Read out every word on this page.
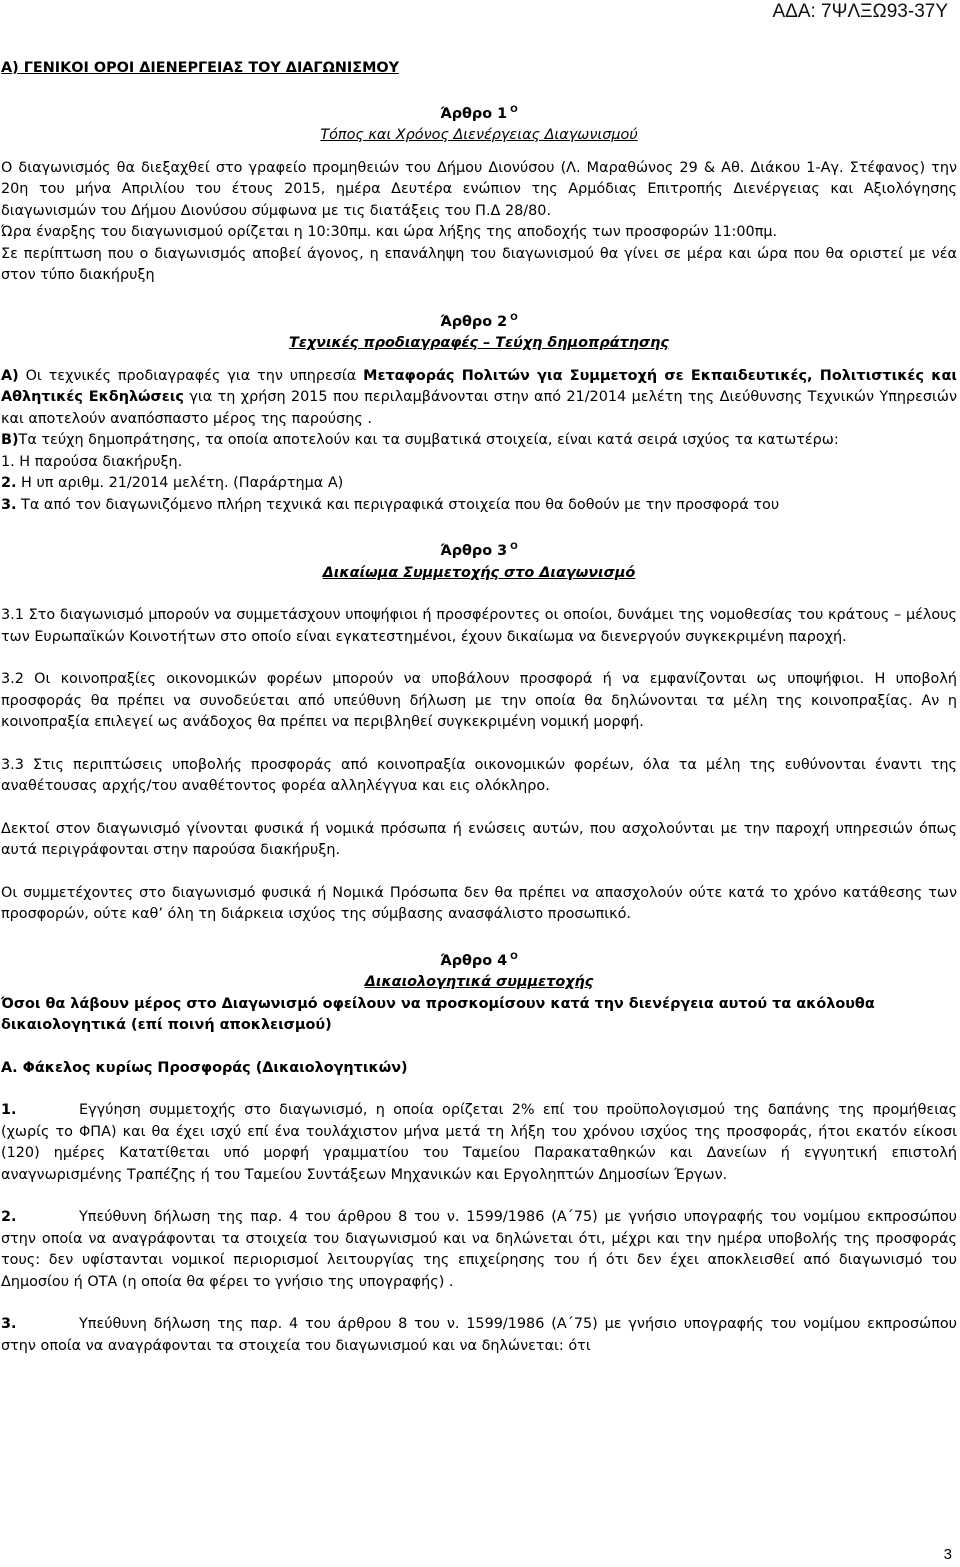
ΑΔΑ: 7ΨΛΞΩ93-37Υ

Α) ΓΕΝΙΚΟΙ ΟΡΟΙ ΔΙΕΝΕΡΓΕΙΑΣ ΤΟΥ ΔΙΑΓΩΝΙΣΜΟΥ

Άρθρο 1 $^O$

Τόπος και Χρόνος Διενέργειας Διαγωνισμού

Ο διαγωνισμός θα διεξαχθεί στο γραφείο προμηθειών του Δήμου Διονύσου (Λ. Μαραθώνος 29 & Αθ. Διάκου 1-Αγ. Στέφανος) την 20η του μήνα Απριλίου του έτους 2015, ημέρα Δευτέρα ενώπιον της Αρμόδιας Επιτροπής Διενέργειας και Αξιολόγησης διαγωνισμών του Δήμου Διονύσου σύμφωνα με τις διατάξεις του Π.Δ 28/80.

Ώρα έναρξης του διαγωνισμού ορίζεται η 10:30πμ. και ώρα λήξης της αποδοχής των προσφορών 11:00πμ.

Σε περίπτωση που ο διαγωνισμός αποβεί άγονος, η επανάληψη του διαγωνισμού θα γίνει σε μέρα και ώρα που θα οριστεί με νέα στον τύπο διακήρυξη

Άρθρο 2 $^O$

Τεχνικές προδιαγραφές – Τεύχη δημοπράτησης

Α) Οι τεχνικές προδιαγραφές για την υπηρεσία Μεταφοράς Πολιτών για Συμμετοχή σε Εκπαιδευτικές, Πολιτιστικές και Αθλητικές Εκδηλώσεις για τη χρήση 2015 που περιλαμβάνονται στην από 21/2014 μελέτη της Διεύθυνσης Τεχνικών Υπηρεσιών και αποτελούν αναπόσπαστο μέρος της παρούσης .

Β)Τα τεύχη δημοπράτησης, τα οποία αποτελούν και τα συμβατικά στοιχεία, είναι κατά σειρά ισχύος τα κατωτέρω:

1. Η παρούσα διακήρυξη.

2. Η υπ αριθμ. 21/2014 μελέτη. (Παράρτημα Α)

3. Τα από τον διαγωνιζόμενο πλήρη τεχνικά και περιγραφικά στοιχεία που θα δοθούν με την προσφορά του

Άρθρο 3 $^O$

Δικαίωμα Συμμετοχής στο Διαγωνισμό

3.1 Στο διαγωνισμό μπορούν να συμμετάσχουν υποψήφιοι ή προσφέροντες οι οποίοι, δυνάμει της νομοθεσίας του κράτους – μέλους των Ευρωπαϊκών Κοινοτήτων στο οποίο είναι εγκατεστημένοι, έχουν δικαίωμα να διενεργούν συγκεκριμένη παροχή.

3.2 Οι κοινοπραξίες οικονομικών φορέων μπορούν να υποβάλουν προσφορά ή να εμφανίζονται ως υποψήφιοι. Η υποβολή προσφοράς θα πρέπει να συνοδεύεται από υπεύθυνη δήλωση με την οποία θα δηλώνονται τα μέλη της κοινοπραξίας. Αν η κοινοπραξία επιλεγεί ως ανάδοχος θα πρέπει να περιβληθεί συγκεκριμένη νομική μορφή.

3.3 Στις περιπτώσεις υποβολής προσφοράς από κοινοπραξία οικονομικών φορέων, όλα τα μέλη της ευθύνονται έναντι της αναθέτουσας αρχής/του αναθέτοντος φορέα αλληλέγγυα και εις ολόκληρο.

Δεκτοί στον διαγωνισμό γίνονται φυσικά ή νομικά πρόσωπα ή ενώσεις αυτών, που ασχολούνται με την παροχή υπηρεσιών όπως αυτά περιγράφονται στην παρούσα διακήρυξη.

Οι συμμετέχοντες στο διαγωνισμό φυσικά ή Νομικά Πρόσωπα δεν θα πρέπει να απασχολούν ούτε κατά το χρόνο κατάθεσης των προσφορών, ούτε καθ’ όλη τη διάρκεια ισχύος της σύμβασης ανασφάλιστο προσωπικό.

Άρθρο 4 $^O$

Δικαιολογητικά συμμετοχής

Όσοι θα λάβουν μέρος στο Διαγωνισμό οφείλουν να προσκομίσουν κατά την διενέργεια αυτού τα ακόλουθα δικαιολογητικά (επί ποινή αποκλεισμού)

Α. Φάκελος κυρίως Προσφοράς (Δικαιολογητικών)

1.	Εγγύηση συμμετοχής στο διαγωνισμό, η οποία ορίζεται 2% επί του προϋπολογισμού της δαπάνης της προμήθειας (χωρίς το ΦΠΑ) και θα έχει ισχύ επί ένα τουλάχιστον μήνα μετά τη λήξη του χρόνου ισχύος της προσφοράς, ήτοι εκατόν είκοσι (120) ημέρες Κατατίθεται υπό μορφή γραμματίου του Ταμείου Παρακαταθηκών και Δανείων ή εγγυητική επιστολή αναγνωρισμένης Τραπέζης ή του Ταμείου Συντάξεων Μηχανικών και Εργοληπτών Δημοσίων Έργων.

2.	Υπεύθυνη δήλωση της παρ. 4 του άρθρου 8 του ν. 1599/1986 (Α΄75) με γνήσιο υπογραφής του νομίμου εκπροσώπου στην οποία να αναγράφονται τα στοιχεία του διαγωνισμού και να δηλώνεται ότι, μέχρι και την ημέρα υποβολής της προσφοράς τους: δεν υφίστανται νομικοί περιορισμοί λειτουργίας της επιχείρησης του ή ότι δεν έχει αποκλεισθεί από διαγωνισμό του Δημοσίου ή ΟΤΑ (η οποία θα φέρει το γνήσιο της υπογραφής) .

3.	Υπεύθυνη δήλωση της παρ. 4 του άρθρου 8 του ν. 1599/1986 (Α΄75) με γνήσιο υπογραφής του νομίμου εκπροσώπου στην οποία να αναγράφονται τα στοιχεία του διαγωνισμού και να δηλώνεται: ότι

3
